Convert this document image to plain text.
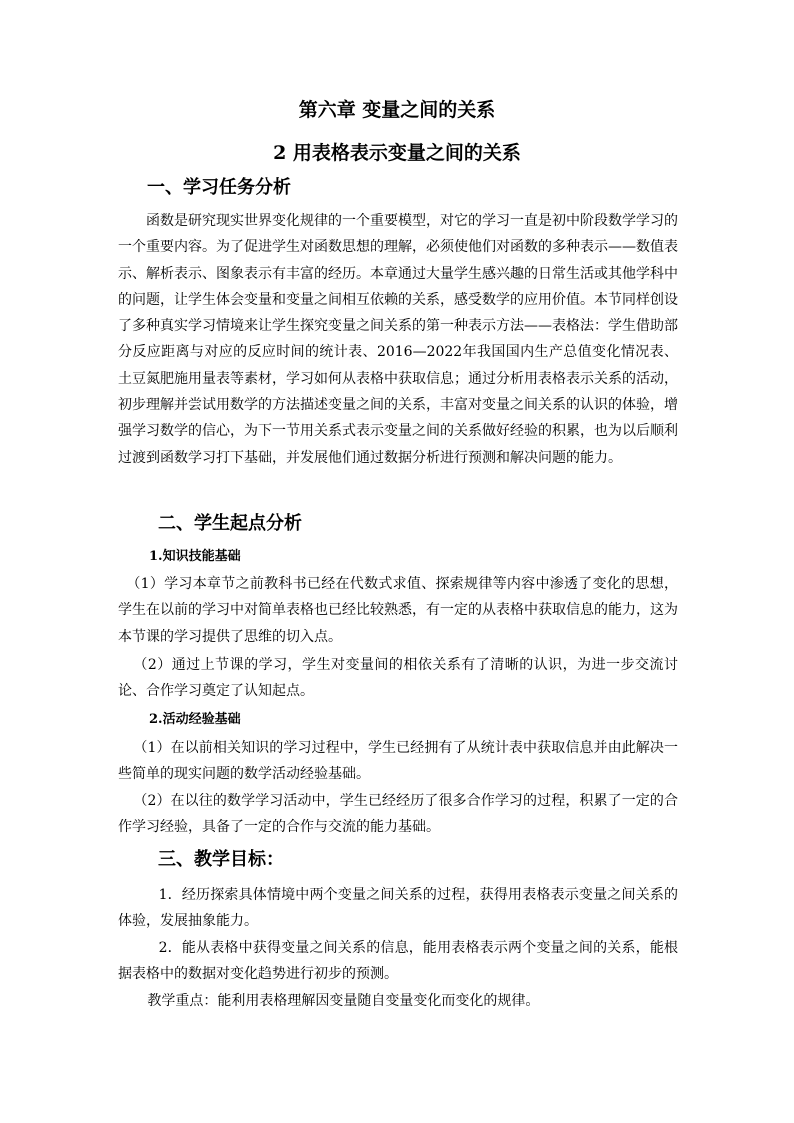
第六章 变量之间的关系
2 用表格表示变量之间的关系
一、学习任务分析

函数是研究现实世界变化规律的一个重要模型，对它的学习一直是初中阶段数学学习的一个重要内容。为了促进学生对函数思想的理解，必须使他们对函数的多种表示——数值表示、解析表示、图象表示有丰富的经历。本章通过大量学生感兴趣的日常生活或其他学科中的问题，让学生体会变量和变量之间相互依赖的关系，感受数学的应用价值。本节同样创设了多种真实学习情境来让学生探究变量之间关系的第一种表示方法——表格法：学生借助部分反应距离与对应的反应时间的统计表、2016—2022年我国国内生产总值变化情况表、土豆氮肥施用量表等素材，学习如何从表格中获取信息；通过分析用表格表示关系的活动，初步理解并尝试用数学的方法描述变量之间的关系，丰富对变量之间关系的认识的体验，增强学习数学的信心，为下一节用关系式表示变量之间的关系做好经验的积累，也为以后顺利过渡到函数学习打下基础，并发展他们通过数据分析进行预测和解决问题的能力。

二、学生起点分析
1.知识技能基础

（1）学习本章节之前教科书已经在代数式求值、探索规律等内容中渗透了变化的思想，学生在以前的学习中对简单表格也已经比较熟悉，有一定的从表格中获取信息的能力，这为本节课的学习提供了思维的切入点。

（2）通过上节课的学习，学生对变量间的相依关系有了清晰的认识，为进一步交流讨论、合作学习奠定了认知起点。

2.活动经验基础

（1）在以前相关知识的学习过程中，学生已经拥有了从统计表中获取信息并由此解决一些简单的现实问题的数学活动经验基础。

（2）在以往的数学学习活动中，学生已经经历了很多合作学习的过程，积累了一定的合作学习经验，具备了一定的合作与交流的能力基础。

三、教学目标：

1．经历探索具体情境中两个变量之间关系的过程，获得用表格表示变量之间关系的体验，发展抽象能力。

2．能从表格中获得变量之间关系的信息，能用表格表示两个变量之间的关系，能根据表格中的数据对变化趋势进行初步的预测。

教学重点：能利用表格理解因变量随自变量变化而变化的规律。
